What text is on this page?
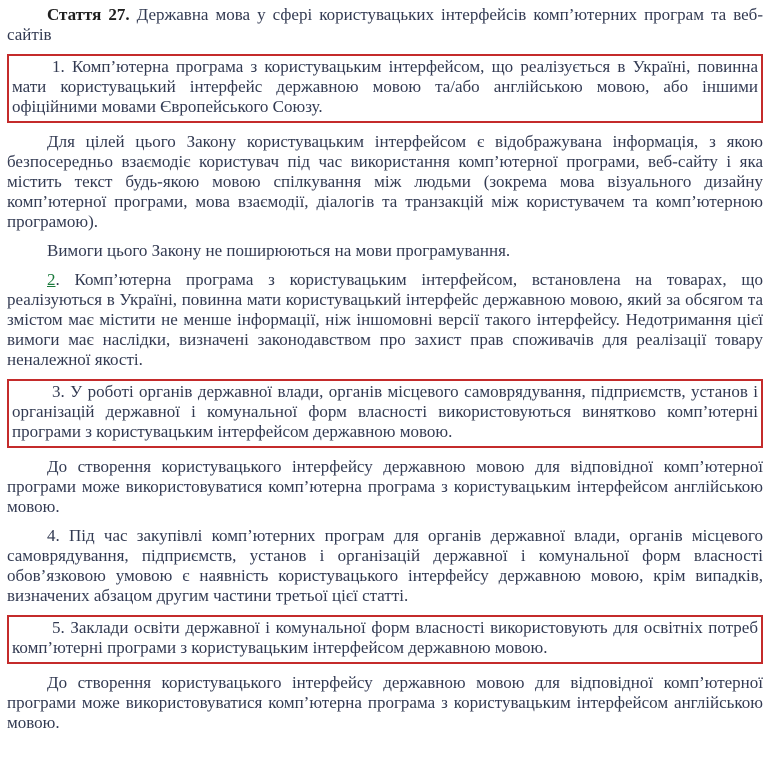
Стаття 27. Державна мова у сфері користувацьких інтерфейсів комп’ютерних програм та веб-сайтів

1. Комп’ютерна програма з користувацьким інтерфейсом, що реалізується в Україні, повинна мати користувацький інтерфейс державною мовою та/або англійською мовою, або іншими офіційними мовами Європейського Союзу.

Для цілей цього Закону користувацьким інтерфейсом є відображувана інформація, з якою безпосередньо взаємодіє користувач під час використання комп’ютерної програми, веб-сайту і яка містить текст будь-якою мовою спілкування між людьми (зокрема мова візуального дизайну комп’ютерної програми, мова взаємодії, діалогів та транзакцій між користувачем та комп’ютерною програмою).

Вимоги цього Закону не поширюються на мови програмування.

2. Комп’ютерна програма з користувацьким інтерфейсом, встановлена на товарах, що реалізуються в Україні, повинна мати користувацький інтерфейс державною мовою, який за обсягом та змістом має містити не менше інформації, ніж іншомовні версії такого інтерфейсу. Недотримання цієї вимоги має наслідки, визначені законодавством про захист прав споживачів для реалізації товару неналежної якості.

3. У роботі органів державної влади, органів місцевого самоврядування, підприємств, установ і організацій державної і комунальної форм власності використовуються винятково комп’ютерні програми з користувацьким інтерфейсом державною мовою.

До створення користувацького інтерфейсу державною мовою для відповідної комп’ютерної програми може використовуватися комп’ютерна програма з користувацьким інтерфейсом англійською мовою.

4. Під час закупівлі комп’ютерних програм для органів державної влади, органів місцевого самоврядування, підприємств, установ і організацій державної і комунальної форм власності обов’язковою умовою є наявність користувацького інтерфейсу державною мовою, крім випадків, визначених абзацом другим частини третьої цієї статті.

5. Заклади освіти державної і комунальної форм власності використовують для освітніх потреб комп’ютерні програми з користувацьким інтерфейсом державною мовою.

До створення користувацького інтерфейсу державною мовою для відповідної комп’ютерної програми може використовуватися комп’ютерна програма з користувацьким інтерфейсом англійською мовою.
